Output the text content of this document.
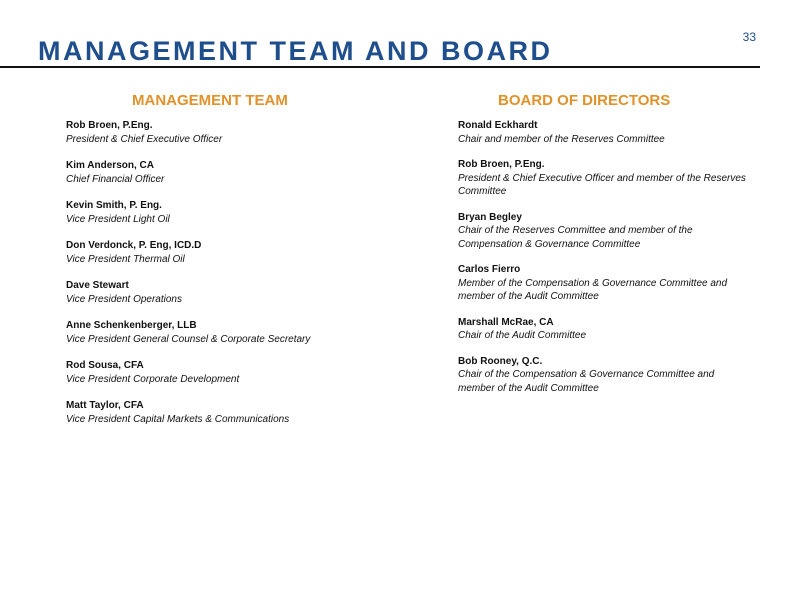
33
MANAGEMENT TEAM AND BOARD
MANAGEMENT TEAM

Rob Broen, P.Eng.

President & Chief Executive Officer

Kim Anderson, CA

Chief Financial Officer

Kevin Smith, P. Eng.

Vice President Light Oil

Don Verdonck, P. Eng, ICD.D

Vice President Thermal Oil

Dave Stewart

Vice President Operations

Anne Schenkenberger, LLB

Vice President General Counsel & Corporate Secretary

Rod Sousa, CFA

Vice President Corporate Development

Matt Taylor, CFA

Vice President Capital Markets & Communications

BOARD OF DIRECTORS

Ronald Eckhardt

Chair and member of the Reserves Committee

Rob Broen, P.Eng.

President & Chief Executive Officer and member of the Reserves Committee

Bryan Begley

Chair of the Reserves Committee and member of the Compensation & Governance Committee

Carlos Fierro

Member of the Compensation & Governance Committee and member of the Audit Committee

Marshall McRae, CA

Chair of the Audit Committee

Bob Rooney, Q.C.

Chair of the Compensation & Governance Committee and member of the Audit Committee
